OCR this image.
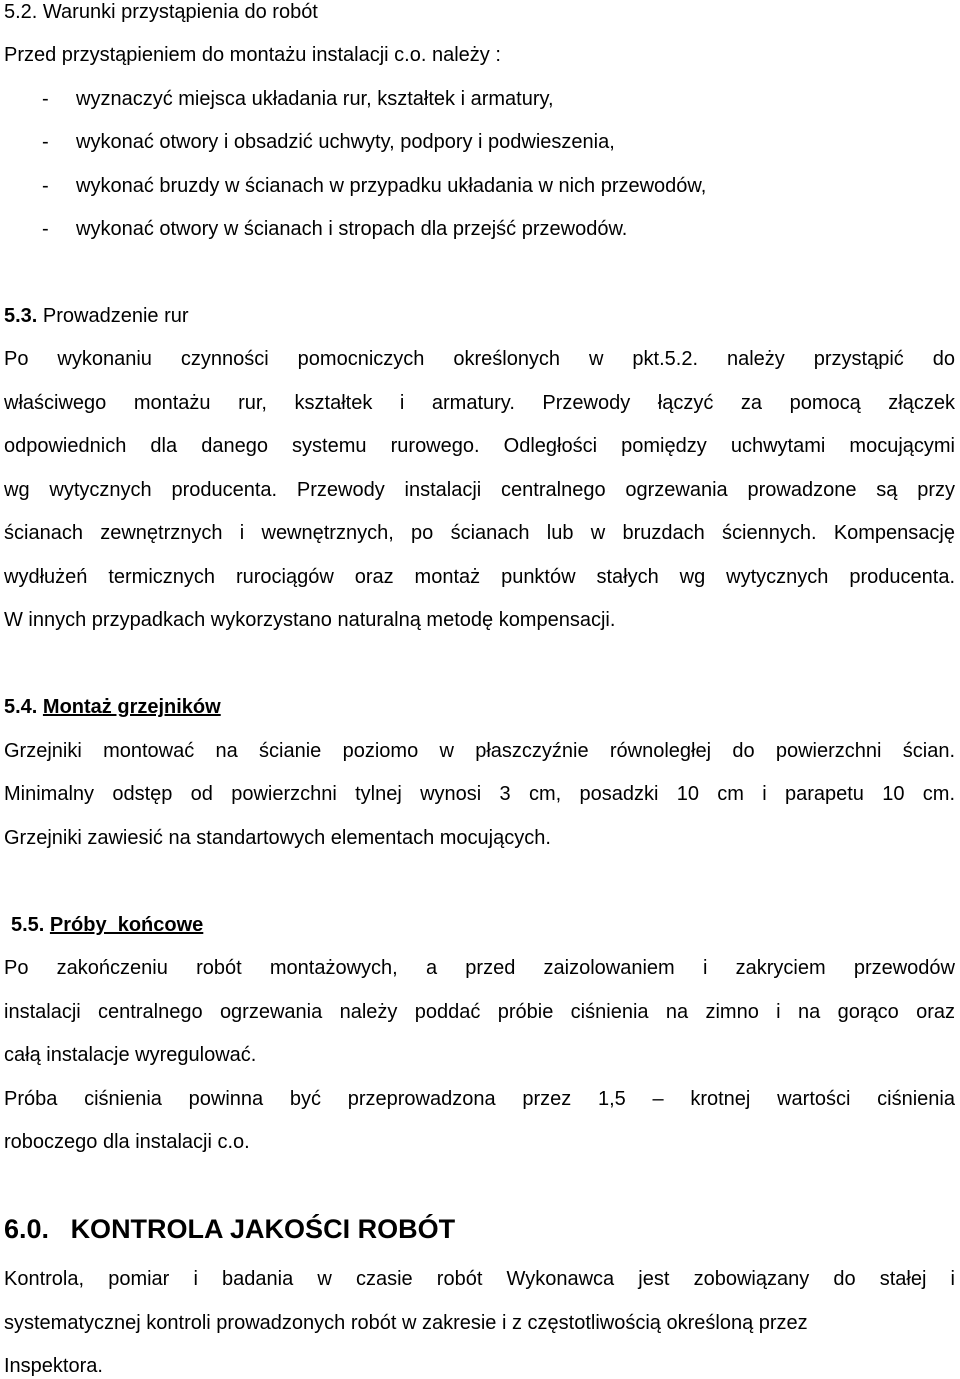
5.2. Warunki przystąpienia do robót
Przed przystąpieniem do montażu instalacji c.o. należy :
- wyznaczyć miejsca układania rur, kształtek i armatury,
- wykonać otwory i obsadzić uchwyty, podpory i podwieszenia,
- wykonać bruzdy w ścianach w przypadku układania w nich przewodów,
- wykonać otwory w ścianach i stropach dla przejść przewodów.
5.3. Prowadzenie rur
Po wykonaniu czynności pomocniczych określonych w pkt.5.2. należy przystąpić do
właściwego montażu rur, kształtek i armatury. Przewody łączyć za pomocą złączek
odpowiednich dla danego systemu rurowego. Odległości pomiędzy uchwytami mocującymi
wg wytycznych producenta. Przewody instalacji centralnego ogrzewania prowadzone są przy
ścianach zewnętrznych i wewnętrznych, po ścianach lub w bruzdach ściennych. Kompensację
wydłużeń termicznych rurociągów oraz montaż punktów stałych wg wytycznych producenta.
W innych przypadkach wykorzystano naturalną metodę kompensacji.
5.4. Montaż grzejników
Grzejniki montować na ścianie poziomo w płaszczyźnie równoległej do powierzchni ścian.
Minimalny odstęp od powierzchni tylnej wynosi 3 cm, posadzki 10 cm i parapetu 10 cm.
Grzejniki zawiesić na standartowych elementach mocujących.
5.5. Próby  końcowe
Po zakończeniu robót montażowych, a przed zaizolowaniem i zakryciem przewodów
instalacji centralnego ogrzewania należy poddać próbie ciśnienia na zimno i na gorąco oraz
całą instalacje wyregulować.
Próba ciśnienia powinna być przeprowadzona przez 1,5 – krotnej wartości ciśnienia
roboczego dla instalacji c.o.
6.0. KONTROLA JAKOŚCI ROBÓT
Kontrola, pomiar i badania w czasie robót Wykonawca jest zobowiązany do stałej i
systematycznej kontroli prowadzonych robót w zakresie i z częstotliwością określoną przez
Inspektora.
